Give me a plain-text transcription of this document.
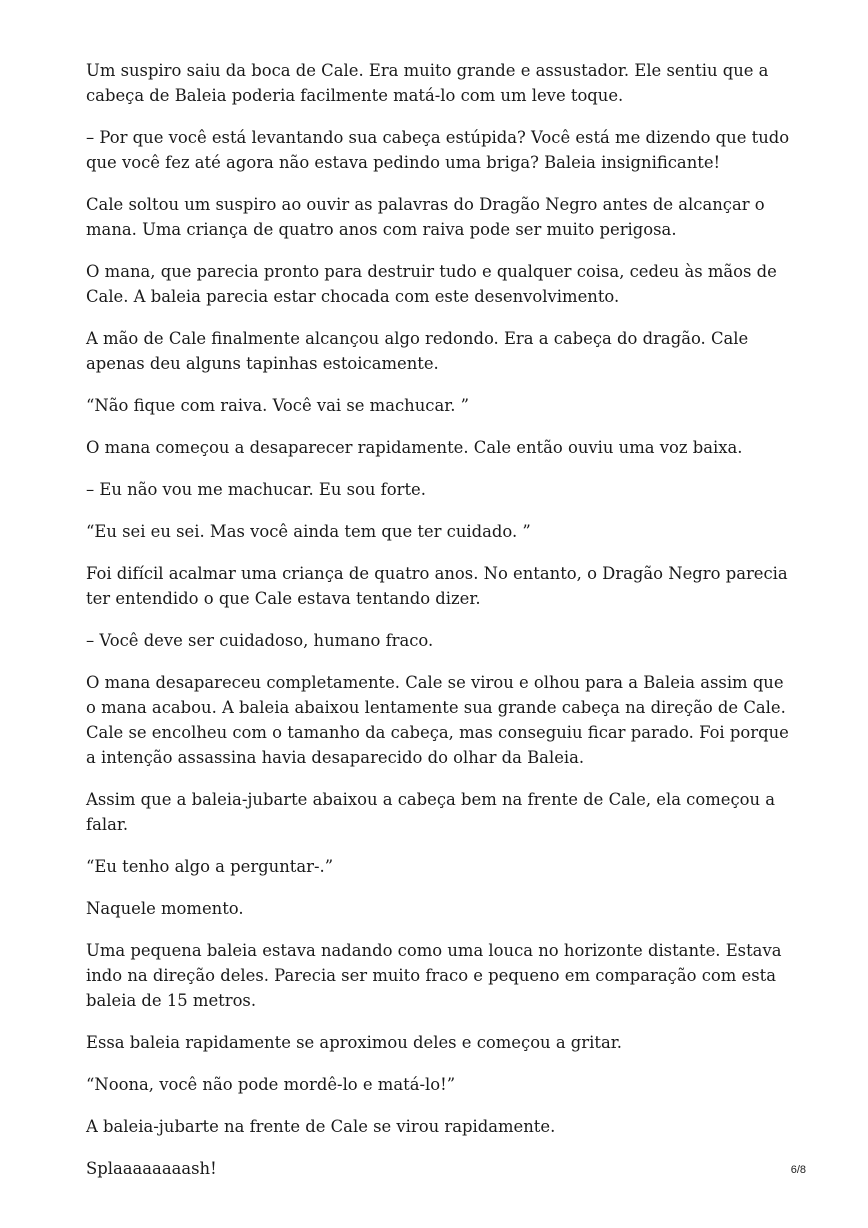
Um suspiro saiu da boca de Cale. Era muito grande e assustador. Ele sentiu que a cabeça de Baleia poderia facilmente matá-lo com um leve toque.

– Por que você está levantando sua cabeça estúpida? Você está me dizendo que tudo que você fez até agora não estava pedindo uma briga? Baleia insignificante!

Cale soltou um suspiro ao ouvir as palavras do Dragão Negro antes de alcançar o mana. Uma criança de quatro anos com raiva pode ser muito perigosa.

O mana, que parecia pronto para destruir tudo e qualquer coisa, cedeu às mãos de Cale. A baleia parecia estar chocada com este desenvolvimento.

A mão de Cale finalmente alcançou algo redondo. Era a cabeça do dragão. Cale apenas deu alguns tapinhas estoicamente.

“Não fique com raiva. Você vai se machucar. ”

O mana começou a desaparecer rapidamente. Cale então ouviu uma voz baixa.

– Eu não vou me machucar. Eu sou forte.

“Eu sei eu sei. Mas você ainda tem que ter cuidado. ”

Foi difícil acalmar uma criança de quatro anos. No entanto, o Dragão Negro parecia ter entendido o que Cale estava tentando dizer.

– Você deve ser cuidadoso, humano fraco.

O mana desapareceu completamente. Cale se virou e olhou para a Baleia assim que o mana acabou. A baleia abaixou lentamente sua grande cabeça na direção de Cale. Cale se encolheu com o tamanho da cabeça, mas conseguiu ficar parado. Foi porque a intenção assassina havia desaparecido do olhar da Baleia.

Assim que a baleia-jubarte abaixou a cabeça bem na frente de Cale, ela começou a falar.

“Eu tenho algo a perguntar-.”

Naquele momento.

Uma pequena baleia estava nadando como uma louca no horizonte distante. Estava indo na direção deles. Parecia ser muito fraco e pequeno em comparação com esta baleia de 15 metros.

Essa baleia rapidamente se aproximou deles e começou a gritar.

“Noona, você não pode mordê-lo e matá-lo!”

A baleia-jubarte na frente de Cale se virou rapidamente.

Splaaaaaaaash!	6/8
